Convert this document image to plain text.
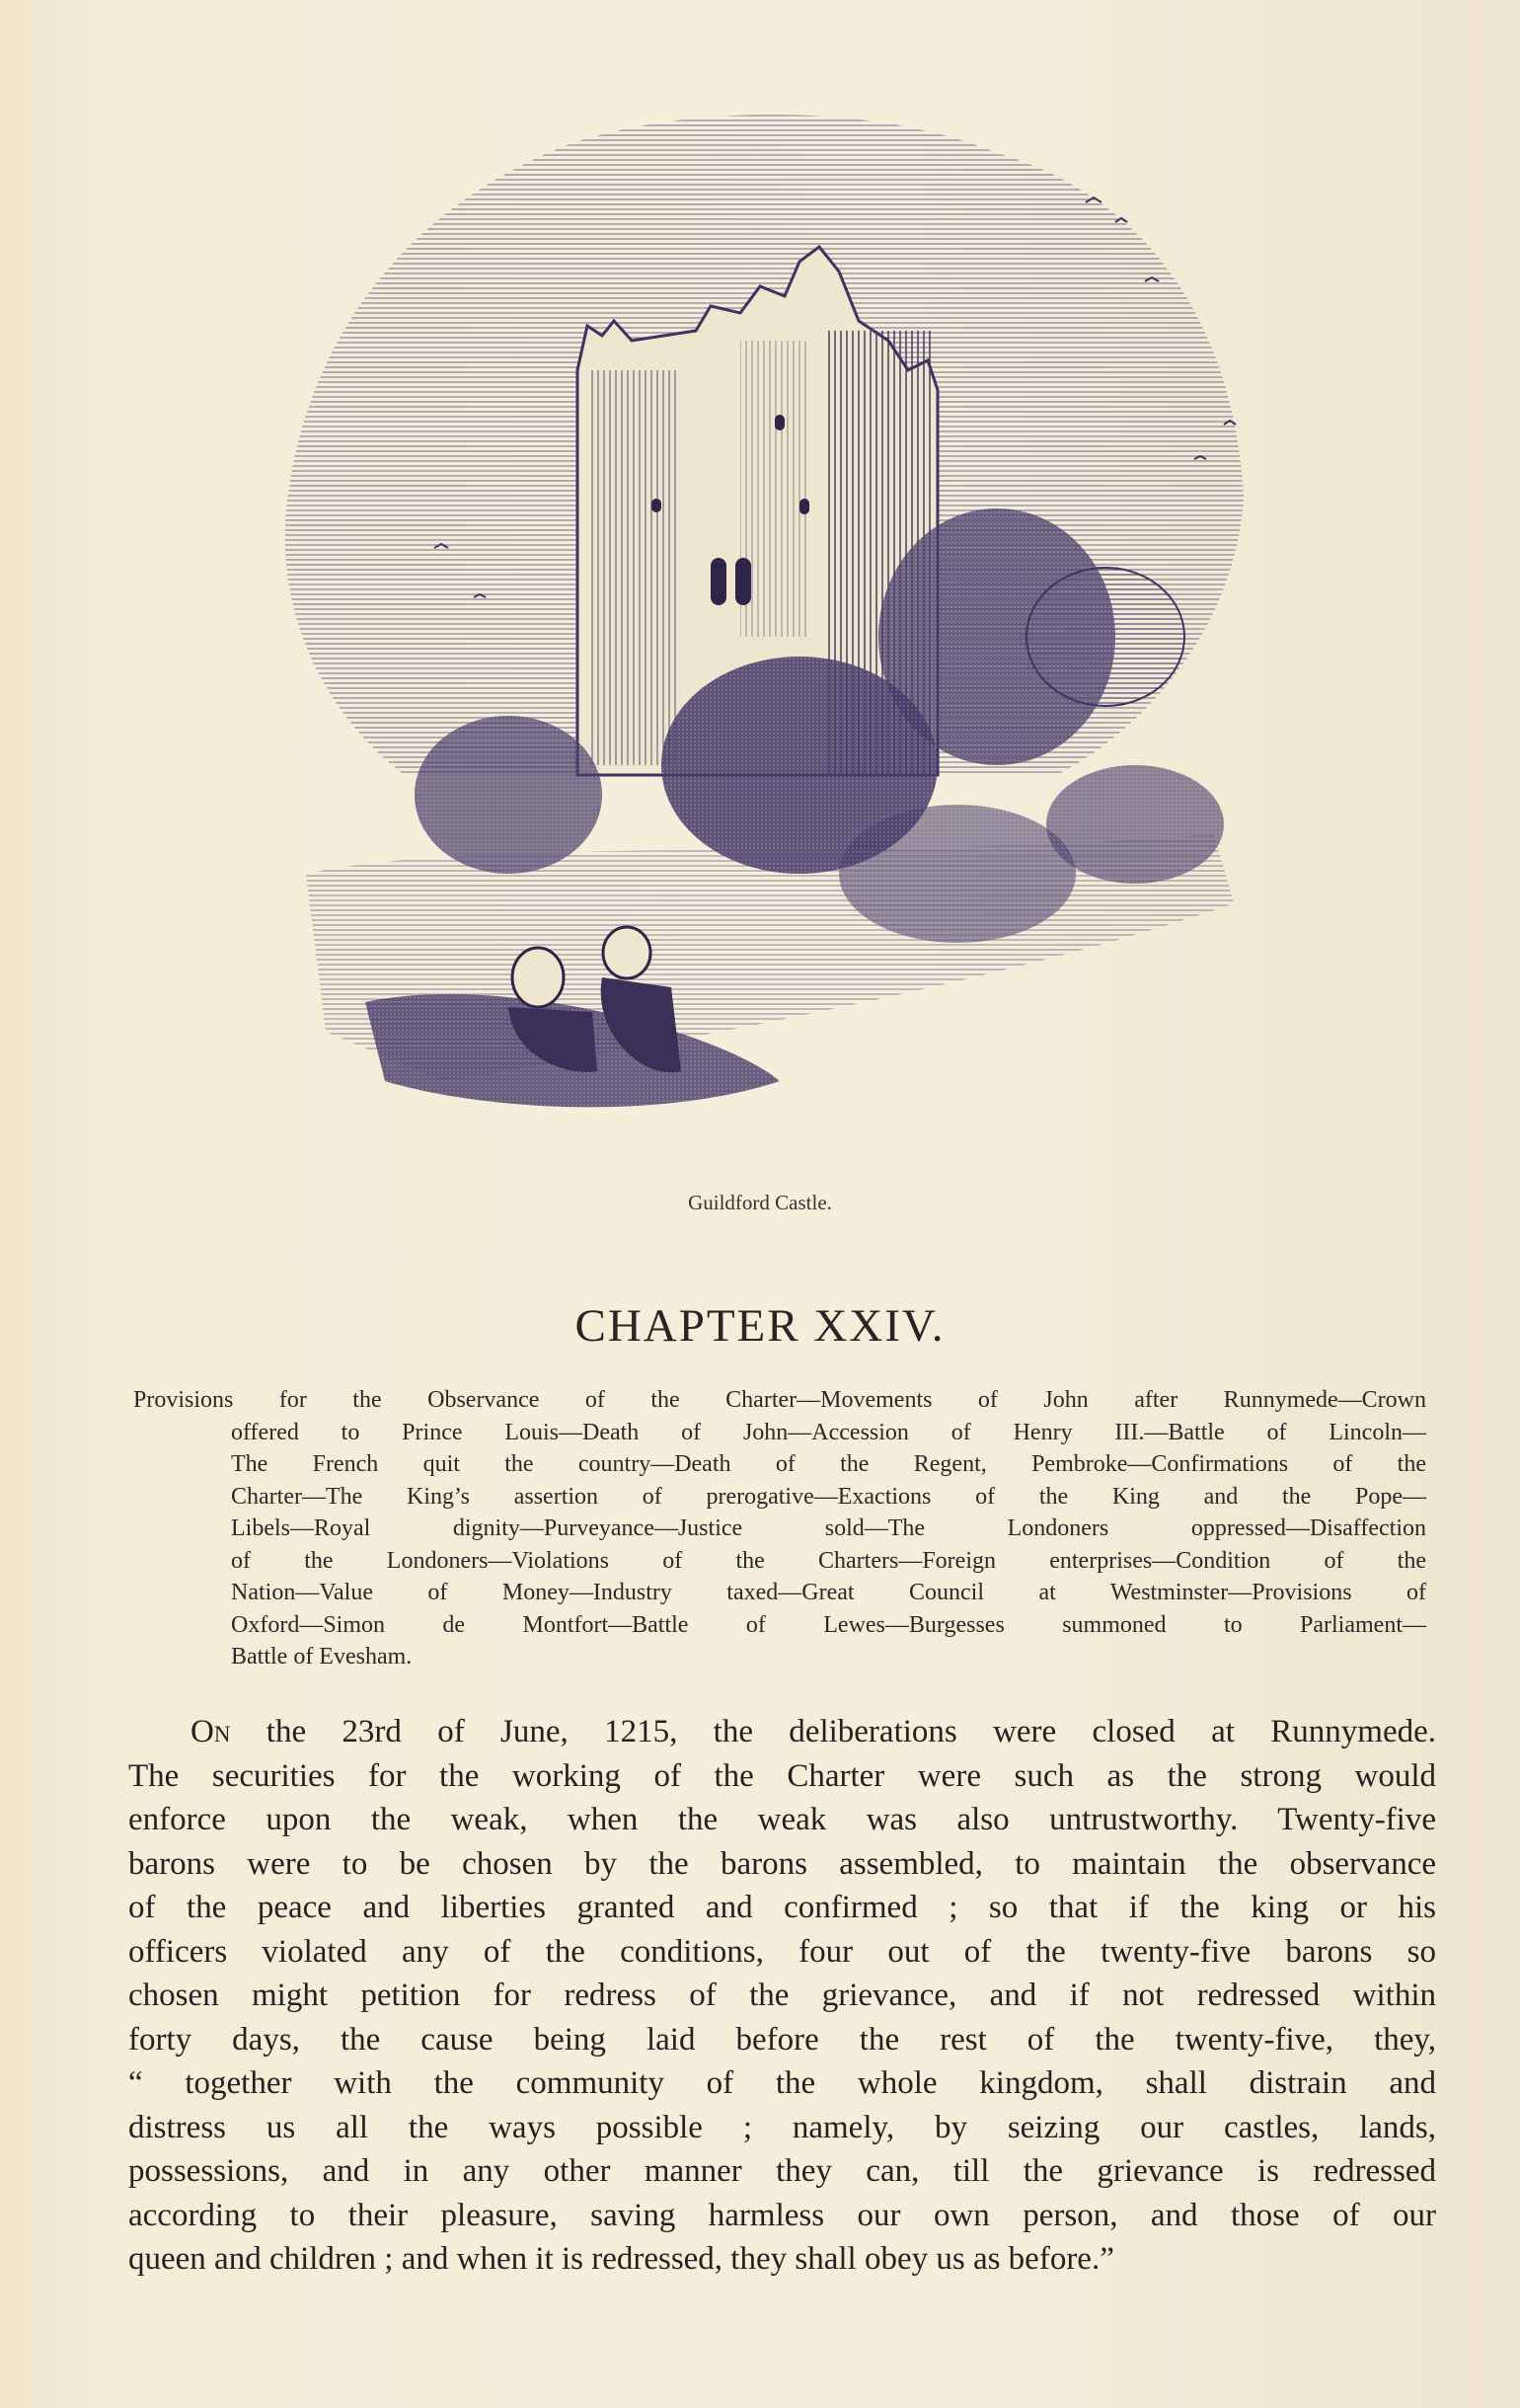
Guildford Castle.
CHAPTER XXIV.
Provisions for the Observance of the Charter—Movements of John after Runnymede—Crown
offered to Prince Louis—Death of John—Accession of Henry III.—Battle of Lincoln—
The French quit the country—Death of the Regent, Pembroke—Confirmations of the
Charter—The King’s assertion of prerogative—Exactions of the King and the Pope—
Libels—Royal dignity—Purveyance—Justice sold—The Londoners oppressed—Disaffection
of the Londoners—Violations of the Charters—Foreign enterprises—Condition of the
Nation—Value of Money—Industry taxed—Great Council at Westminster—Provisions of
Oxford—Simon de Montfort—Battle of Lewes—Burgesses summoned to Parliament—
Battle of Evesham.
On the 23rd of June, 1215, the deliberations were closed at Runnymede.
The securities for the working of the Charter were such as the strong would
enforce upon the weak, when the weak was also untrustworthy. Twenty-five
barons were to be chosen by the barons assembled, to maintain the observance
of the peace and liberties granted and confirmed ; so that if the king or his
officers violated any of the conditions, four out of the twenty-five barons so
chosen might petition for redress of the grievance, and if not redressed within
forty days, the cause being laid before the rest of the twenty-five, they,
“ together with the community of the whole kingdom, shall distrain and
distress us all the ways possible ; namely, by seizing our castles, lands,
possessions, and in any other manner they can, till the grievance is redressed
according to their pleasure, saving harmless our own person, and those of our
queen and children ; and when it is redressed, they shall obey us as before.”
